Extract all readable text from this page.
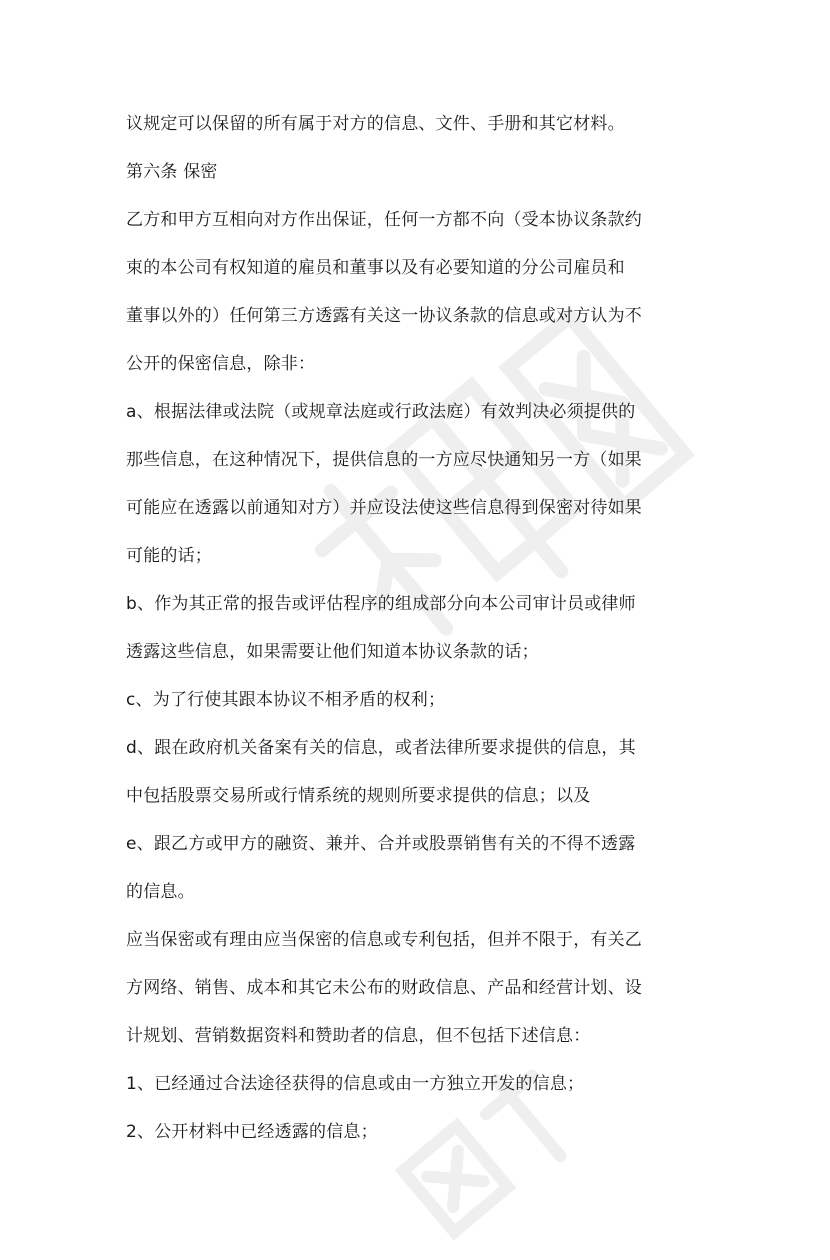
议规定可以保留的所有属于对方的信息、文件、手册和其它材料。
第六条 保密
乙方和甲方互相向对方作出保证，任何一方都不向（受本协议条款约
束的本公司有权知道的雇员和董事以及有必要知道的分公司雇员和
董事以外的）任何第三方透露有关这一协议条款的信息或对方认为不
公开的保密信息，除非：
a、根据法律或法院（或规章法庭或行政法庭）有效判决必须提供的
那些信息，在这种情况下，提供信息的一方应尽快通知另一方（如果
可能应在透露以前通知对方）并应设法使这些信息得到保密对待如果
可能的话；
b、作为其正常的报告或评估程序的组成部分向本公司审计员或律师
透露这些信息，如果需要让他们知道本协议条款的话；
c、为了行使其跟本协议不相矛盾的权利；
d、跟在政府机关备案有关的信息，或者法律所要求提供的信息，其
中包括股票交易所或行情系统的规则所要求提供的信息；以及
e、跟乙方或甲方的融资、兼并、合并或股票销售有关的不得不透露
的信息。
应当保密或有理由应当保密的信息或专利包括，但并不限于，有关乙
方网络、销售、成本和其它未公布的财政信息、产品和经营计划、设
计规划、营销数据资料和赞助者的信息，但不包括下述信息：
1、已经通过合法途径获得的信息或由一方独立开发的信息；
2、公开材料中已经透露的信息；
